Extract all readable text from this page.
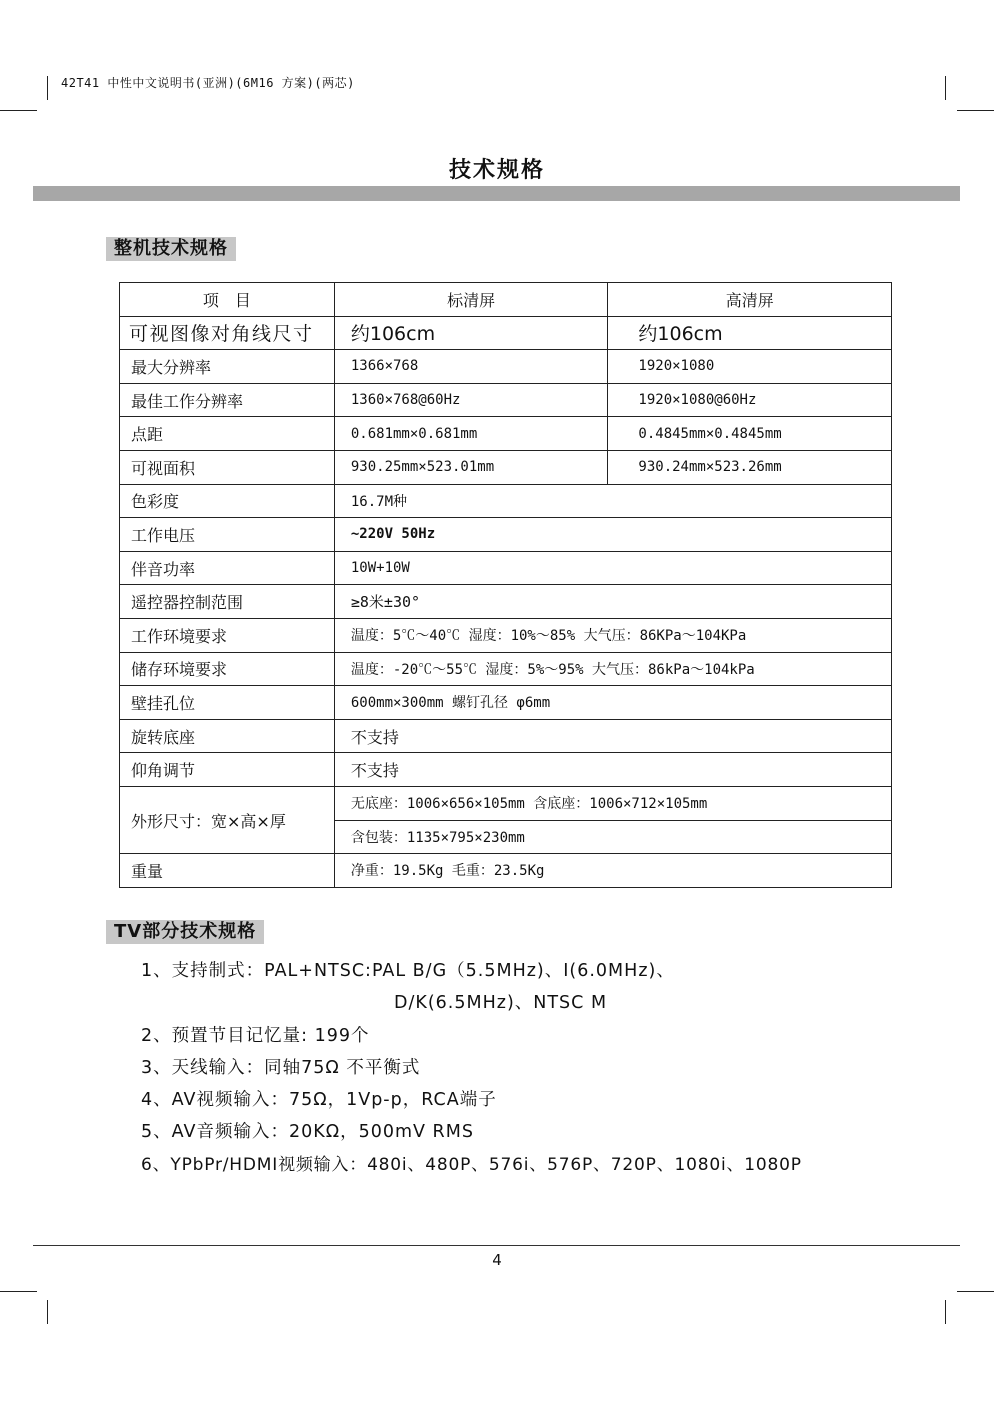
42T41 中性中文说明书(亚洲)(6M16 方案)(两芯)
技术规格
整机技术规格
项　目	标清屏	高清屏
可视图像对角线尺寸	约106cm	约106cm
最大分辨率	1366×768	1920×1080
最佳工作分辨率	1360×768@60Hz	1920×1080@60Hz
点距	0.681mm×0.681mm	0.4845mm×0.4845mm
可视面积	930.25mm×523.01mm	930.24mm×523.26mm
色彩度	16.7M种	
工作电压	~220V 50Hz	
伴音功率	10W+10W	
遥控器控制范围	≥8米±30°	
工作环境要求	温度：5℃～40℃ 湿度：10%～85% 大气压：86KPa～104KPa	
储存环境要求	温度：-20℃～55℃ 湿度：5%～95% 大气压：86kPa～104kPa	
壁挂孔位	600mm×300mm 螺钉孔径 φ6mm	
旋转底座	不支持	
仰角调节	不支持	
外形尺寸：宽×高×厚	无底座：1006×656×105mm 含底座：1006×712×105mm	
	含包装：1135×795×230mm	
重量	净重：19.5Kg 毛重：23.5Kg	
TV部分技术规格
1、支持制式：PAL+NTSC:PAL B/G（5.5MHz)、I(6.0MHz)、
D/K(6.5MHz)、NTSC M
2、预置节目记忆量: 199个
3、天线输入：同轴75Ω 不平衡式
4、AV视频输入：75Ω，1Vp-p，RCA端子
5、AV音频输入：20KΩ，500mV RMS
6、YPbPr/HDMI视频输入：480i、480P、576i、576P、720P、1080i、1080P
4
